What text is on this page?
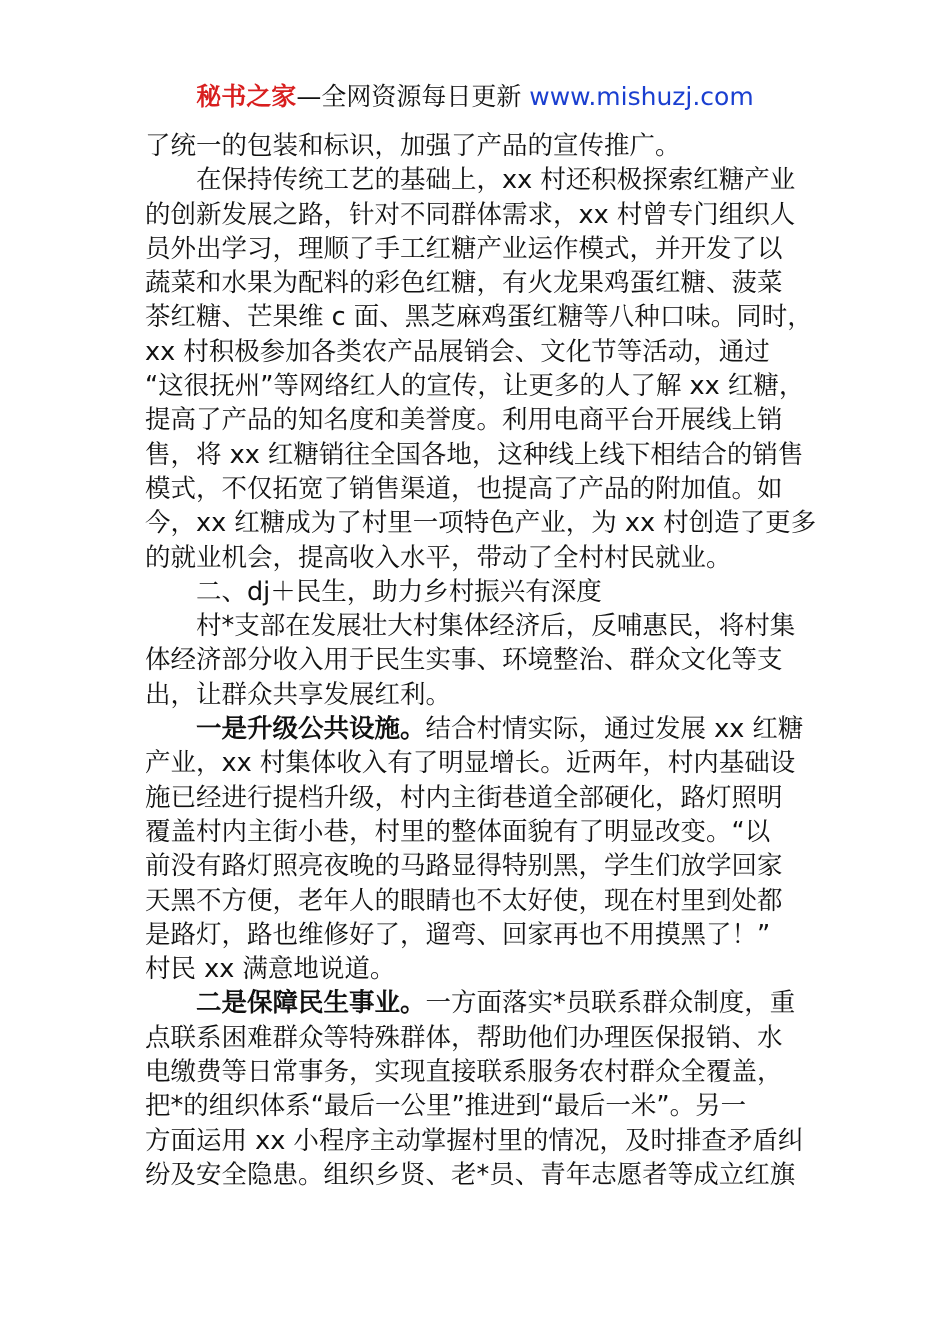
秘书之家—全网资源每日更新 www.mishuzj.com
了统一的包装和标识，加强了产品的宣传推广。
在保持传统工艺的基础上，xx 村还积极探索红糖产业
的创新发展之路，针对不同群体需求，xx 村曾专门组织人
员外出学习，理顺了手工红糖产业运作模式，并开发了以
蔬菜和水果为配料的彩色红糖，有火龙果鸡蛋红糖、菠菜
茶红糖、芒果维 c 面、黑芝麻鸡蛋红糖等八种口味。同时，
xx 村积极参加各类农产品展销会、文化节等活动，通过
“这很抚州”等网络红人的宣传，让更多的人了解 xx 红糖，
提高了产品的知名度和美誉度。利用电商平台开展线上销
售，将 xx 红糖销往全国各地，这种线上线下相结合的销售
模式，不仅拓宽了销售渠道，也提高了产品的附加值。如
今，xx 红糖成为了村里一项特色产业，为 xx 村创造了更多
的就业机会，提高收入水平，带动了全村村民就业。
二、dj＋民生，助力乡村振兴有深度
村*支部在发展壮大村集体经济后，反哺惠民，将村集
体经济部分收入用于民生实事、环境整治、群众文化等支
出，让群众共享发展红利。
一是升级公共设施。结合村情实际，通过发展 xx 红糖
产业，xx 村集体收入有了明显增长。近两年，村内基础设
施已经进行提档升级，村内主街巷道全部硬化，路灯照明
覆盖村内主街小巷，村里的整体面貌有了明显改变。“以
前没有路灯照亮夜晚的马路显得特别黑，学生们放学回家
天黑不方便，老年人的眼睛也不太好使，现在村里到处都
是路灯，路也维修好了，遛弯、回家再也不用摸黑了！”
村民 xx 满意地说道。
二是保障民生事业。一方面落实*员联系群众制度，重
点联系困难群众等特殊群体，帮助他们办理医保报销、水
电缴费等日常事务，实现直接联系服务农村群众全覆盖，
把*的组织体系“最后一公里”推进到“最后一米”。另一
方面运用 xx 小程序主动掌握村里的情况，及时排查矛盾纠
纷及安全隐患。组织乡贤、老*员、青年志愿者等成立红旗
